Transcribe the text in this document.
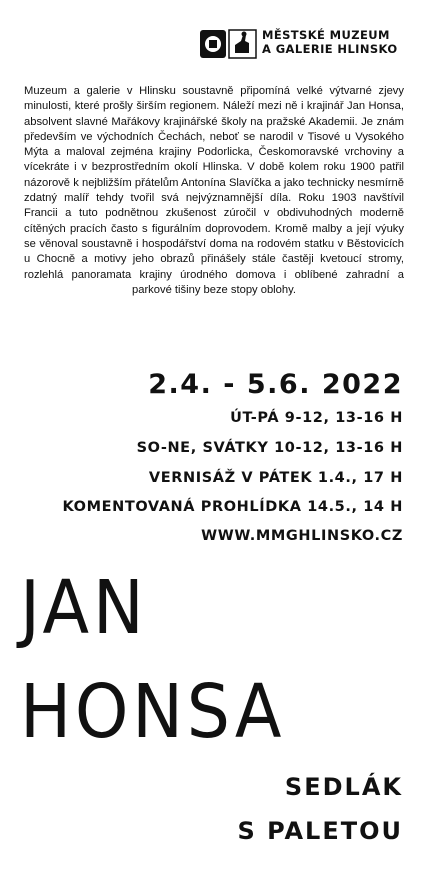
MĚSTSKÉ MUZEUM
A GALERIE HLINSKO

Muzeum a galerie v Hlinsku soustavně připomíná velké výtvarné zjevy minulosti, které prošly širším regionem. Náleží mezi ně i krajinář Jan Honsa, absolvent slavné Mařákovy krajinářské školy na pražské Akademii. Je znám především ve východních Čechách, neboť se narodil v Tisové u Vysokého Mýta a maloval zejména krajiny Podorlicka, Českomoravské vrchoviny a vícekráte i v bezprostředním okolí Hlinska. V době kolem roku 1900 patřil názorově k nejbližším přátelům Antonína Slavíčka a jako technicky nesmírně zdatný malíř tehdy tvořil svá nejvýznamnější díla. Roku 1903 navštívil Francii a tuto podnětnou zkušenost zúročil v obdivuhodných moderně cítěných pracích často s figurálním doprovodem. Kromě malby a její výuky se věnoval soustavně i hospodářství doma na rodovém statku v Běstovicích u Chocně a motivy jeho obrazů přinášely stále častěji kvetoucí stromy, rozlehlá panoramata krajiny úrodného domova i oblíbené zahradní a parkové tišiny beze stopy oblohy.

2.4. - 5.6. 2022
ÚT-PÁ 9-12, 13-16 H
SO-NE, SVÁTKY 10-12, 13-16 H
VERNISÁŽ V PÁTEK 1.4., 17 H
KOMENTOVANÁ PROHLÍDKA 14.5., 14 H
WWW.MMGHLINSKO.CZ
JAN
HONSA
SEDLÁK
S PALETOU
